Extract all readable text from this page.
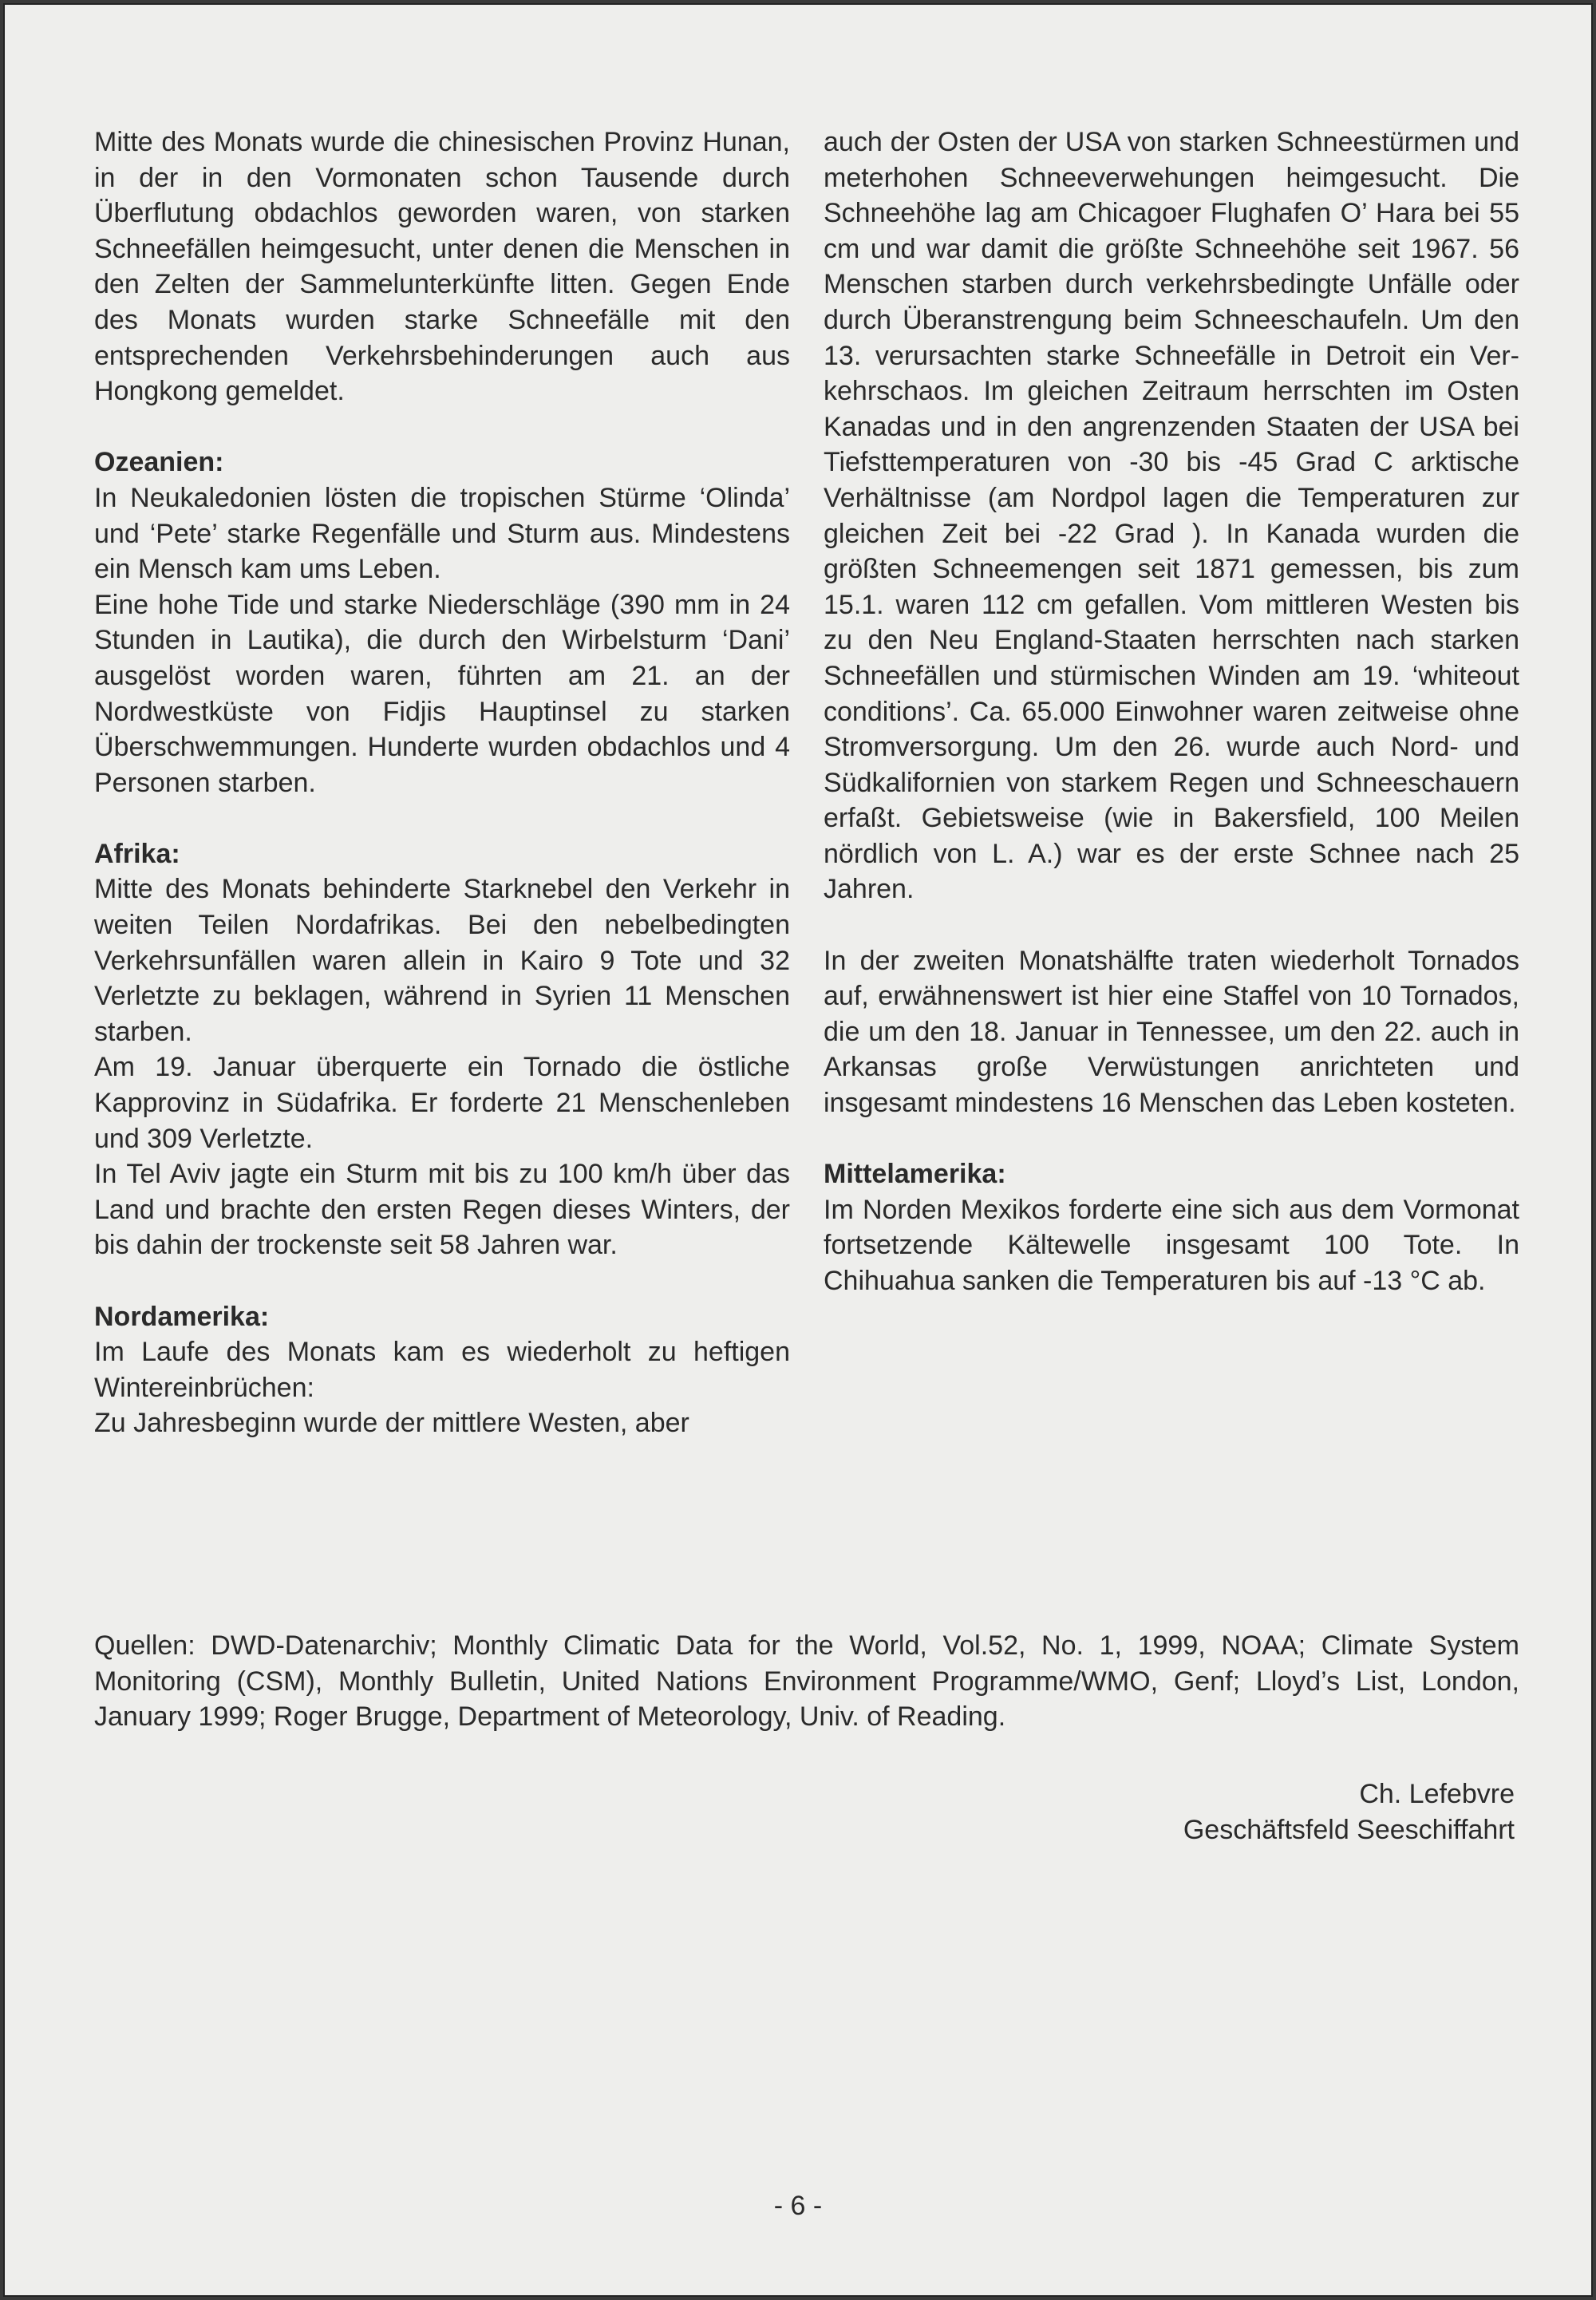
Mitte des Monats wurde die chinesischen Provinz Hunan, in der in den Vormonaten schon Tausende durch Überflutung obdachlos geworden waren, von starken Schneefällen heimgesucht, unter denen die Menschen in den Zelten der Sammelunterkünfte litten. Gegen Ende des Monats wurden starke Schneefälle mit den entsprechenden Verkehrsbehinderungen auch aus Hongkong gemeldet.

Ozeanien:

In Neukaledonien lösten die tropischen Stürme ‘Olinda’ und ‘Pete’ starke Regenfälle und Sturm aus. Mindestens ein Mensch kam ums Leben.

Eine hohe Tide und starke Niederschläge (390 mm in 24 Stunden in Lautika), die durch den Wirbelsturm ‘Dani’ ausgelöst worden waren, führten am 21. an der Nordwestküste von Fidjis Hauptinsel zu starken Überschwemmungen. Hunderte wurden obdachlos und 4 Personen starben.

Afrika:

Mitte des Monats behinderte Starknebel den Verkehr in weiten Teilen Nordafrikas. Bei den nebelbedingten Verkehrsunfällen waren allein in Kairo 9 Tote und 32 Verletzte zu beklagen, während in Syrien 11 Menschen starben.

Am 19. Januar überquerte ein Tornado die östliche Kapprovinz in Südafrika. Er forderte 21 Menschenleben und 309 Verletzte.

In Tel Aviv jagte ein Sturm mit bis zu 100 km/h über das Land und brachte den ersten Regen dieses Winters, der bis dahin der trockenste seit 58 Jahren war.

Nordamerika:

Im Laufe des Monats kam es wiederholt zu heftigen Wintereinbrüchen:

Zu Jahresbeginn wurde der mittlere Westen, aber

auch der Osten der USA von starken Schneestürmen und meterhohen Schneeverwehungen heimgesucht. Die Schneehöhe lag am Chicagoer Flughafen O’ Hara bei 55 cm und war damit die größte Schneehöhe seit 1967. 56 Menschen starben durch verkehrsbedingte Unfälle oder durch Überanstrengung beim Schneeschaufeln. Um den 13. verursachten starke Schneefälle in Detroit ein Verkehrschaos. Im gleichen Zeitraum herrschten im Osten Kanadas und in den angrenzenden Staaten der USA bei Tiefsttemperaturen von -30 bis -45 Grad C arktische Verhältnisse (am Nordpol lagen die Temperaturen zur gleichen Zeit bei -22 Grad ). In Kanada wurden die größten Schneemengen seit 1871 gemessen, bis zum 15.1. waren 112 cm gefallen. Vom mittleren Westen bis zu den Neu England-Staaten herrschten nach starken Schneefällen und stürmischen Winden am 19. ‘whiteout conditions’. Ca. 65.000 Einwohner waren zeitweise ohne Stromversorgung. Um den 26. wurde auch Nord- und Südkalifornien von starkem Regen und Schneeschauern erfaßt. Gebietsweise (wie in Bakersfield, 100 Meilen nördlich von L. A.) war es der erste Schnee nach 25 Jahren.

In der zweiten Monatshälfte traten wiederholt Tornados auf, erwähnenswert ist hier eine Staffel von 10 Tornados, die um den 18. Januar in Tennessee, um den 22. auch in Arkansas große Verwüstungen anrichteten und insgesamt mindestens 16 Menschen das Leben kosteten.

Mittelamerika:

Im Norden Mexikos forderte eine sich aus dem Vormonat fortsetzende Kältewelle insgesamt 100 Tote. In Chihuahua sanken die Temperaturen bis auf -13 °C ab.

Quellen: DWD-Datenarchiv; Monthly Climatic Data for the World, Vol.52, No. 1, 1999, NOAA; Climate System Monitoring (CSM), Monthly Bulletin, United Nations Environment Programme/WMO, Genf; Lloyd’s List, London, January 1999; Roger Brugge, Department of Meteorology, Univ. of Reading.

Ch. Lefebvre
Geschäftsfeld Seeschiffahrt

- 6 -
